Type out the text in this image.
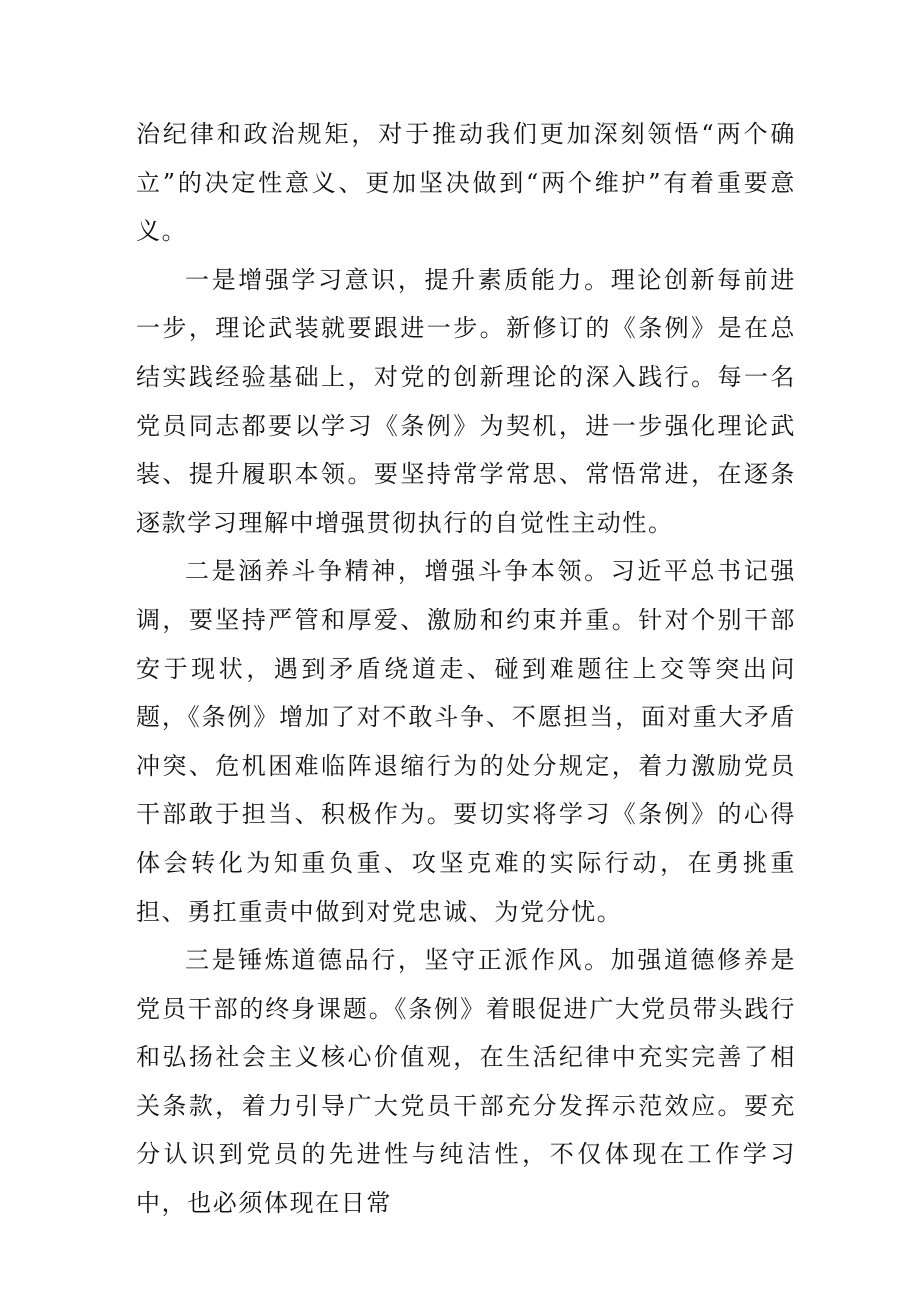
治纪律和政治规矩，对于推动我们更加深刻领悟“两个确立”的决定性意义、更加坚决做到“两个维护”有着重要意义。

一是增强学习意识，提升素质能力。理论创新每前进一步，理论武装就要跟进一步。新修订的《条例》是在总结实践经验基础上，对党的创新理论的深入践行。每一名党员同志都要以学习《条例》为契机，进一步强化理论武装、提升履职本领。要坚持常学常思、常悟常进，在逐条逐款学习理解中增强贯彻执行的自觉性主动性。

二是涵养斗争精神，增强斗争本领。习近平总书记强调，要坚持严管和厚爱、激励和约束并重。针对个别干部安于现状，遇到矛盾绕道走、碰到难题往上交等突出问题，《条例》增加了对不敢斗争、不愿担当，面对重大矛盾冲突、危机困难临阵退缩行为的处分规定，着力激励党员干部敢于担当、积极作为。要切实将学习《条例》的心得体会转化为知重负重、攻坚克难的实际行动，在勇挑重担、勇扛重责中做到对党忠诚、为党分忧。

三是锤炼道德品行，坚守正派作风。加强道德修养是党员干部的终身课题。《条例》着眼促进广大党员带头践行和弘扬社会主义核心价值观，在生活纪律中充实完善了相关条款，着力引导广大党员干部充分发挥示范效应。要充分认识到党员的先进性与纯洁性，不仅体现在工作学习中，也必须体现在日常
